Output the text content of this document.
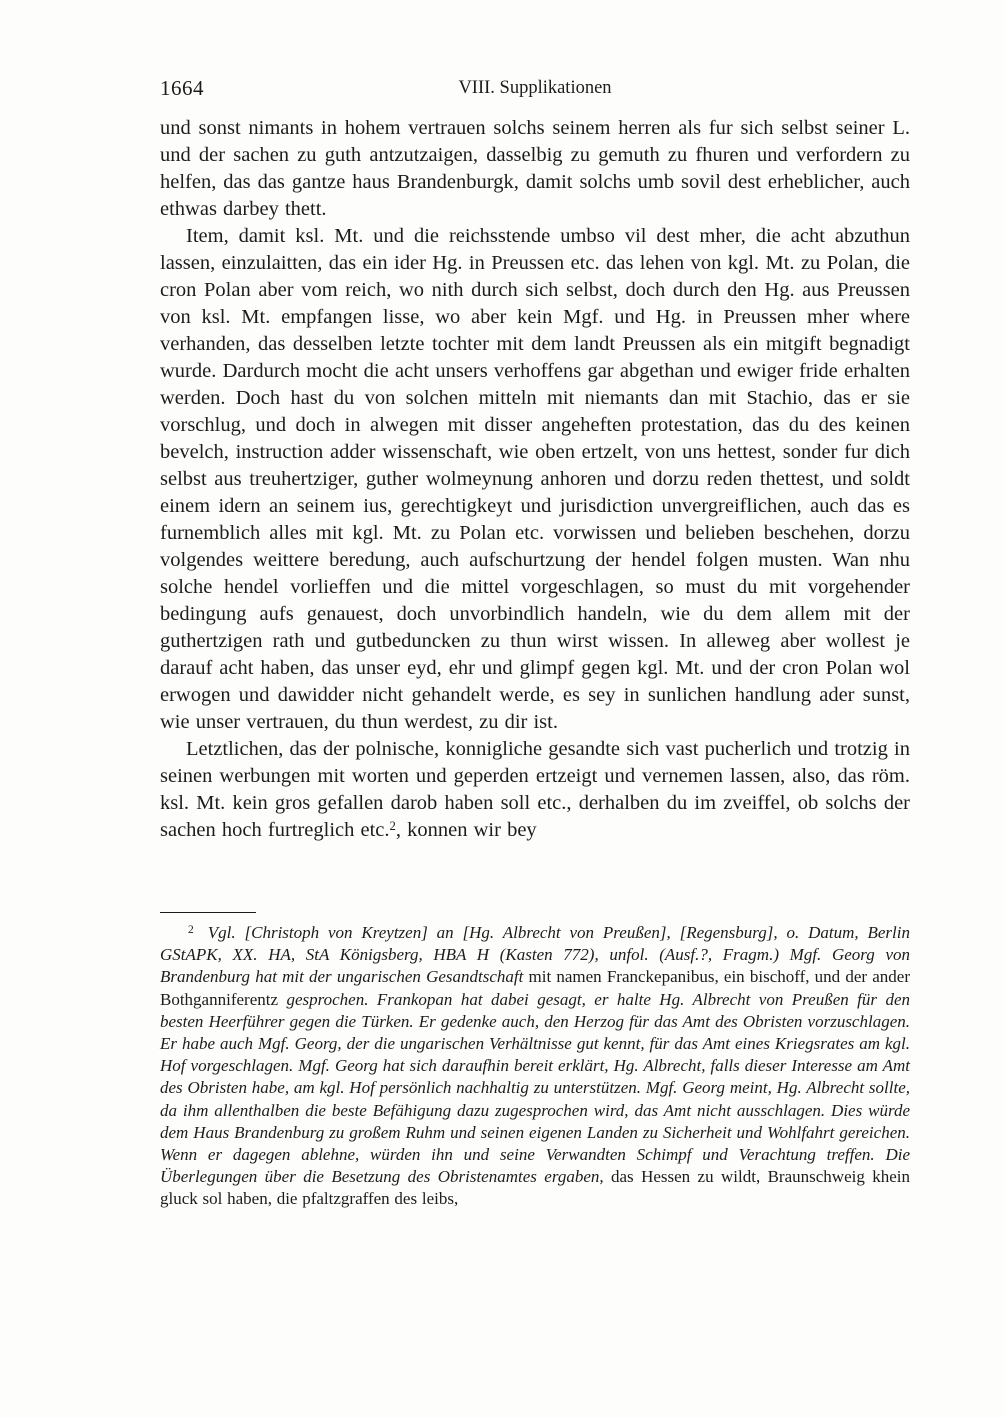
1664	VIII. Supplikationen

und sonst nimants in hohem vertrauen solchs seinem herren als fur sich selbst seiner L. und der sachen zu guth antzutzaigen, dasselbig zu gemuth zu fhuren und verfordern zu helfen, das das gantze haus Brandenburgk, damit solchs umb sovil dest erheblicher, auch ethwas darbey thett.

Item, damit ksl. Mt. und die reichsstende umbso vil dest mher, die acht abzuthun lassen, einzulaitten, das ein ider Hg. in Preussen etc. das lehen von kgl. Mt. zu Polan, die cron Polan aber vom reich, wo nith durch sich selbst, doch durch den Hg. aus Preussen von ksl. Mt. empfangen lisse, wo aber kein Mgf. und Hg. in Preussen mher where verhanden, das desselben letzte tochter mit dem landt Preussen als ein mitgift begnadigt wurde. Dardurch mocht die acht unsers verhoffens gar abgethan und ewiger fride erhalten werden. Doch hast du von solchen mitteln mit niemants dan mit Stachio, das er sie vorschlug, und doch in alwegen mit disser angeheften protestation, das du des keinen bevelch, instruction adder wissenschaft, wie oben ertzelt, von uns hettest, sonder fur dich selbst aus treuhertziger, guther wolmeynung anhoren und dorzu reden thettest, und soldt einem idern an seinem ius, gerechtigkeyt und jurisdiction unvergreiflichen, auch das es furnemblich alles mit kgl. Mt. zu Polan etc. vorwissen und belieben beschehen, dorzu volgendes weittere beredung, auch aufschurtzung der hendel folgen musten. Wan nhu solche hendel vorlieffen und die mittel vorgeschlagen, so must du mit vorgehender bedingung aufs genauest, doch unvorbindlich handeln, wie du dem allem mit der guthertzigen rath und gutbeduncken zu thun wirst wissen. In alleweg aber wollest je darauf acht haben, das unser eyd, ehr und glimpf gegen kgl. Mt. und der cron Polan wol erwogen und dawidder nicht gehandelt werde, es sey in sunlichen handlung ader sunst, wie unser vertrauen, du thun werdest, zu dir ist.

Letztlichen, das der polnische, konnigliche gesandte sich vast pucherlich und trotzig in seinen werbungen mit worten und geperden ertzeigt und vernemen lassen, also, das röm. ksl. Mt. kein gros gefallen darob haben soll etc., derhalben du im zveiffel, ob solchs der sachen hoch furtreglich etc.$^2$, konnen wir bey

$^2$ Vgl. [Christoph von Kreytzen] an [Hg. Albrecht von Preußen], [Regensburg], o. Datum, Berlin GStAPK, XX. HA, StA Königsberg, HBA H (Kasten 772), unfol. (Ausf.?, Fragm.) Mgf. Georg von Brandenburg hat mit der ungarischen Gesandtschaft mit namen Franckepanibus, ein bischoff, und der ander Bothganniferentz gesprochen. Frankopan hat dabei gesagt, er halte Hg. Albrecht von Preußen für den besten Heerführer gegen die Türken. Er gedenke auch, den Herzog für das Amt des Obristen vorzuschlagen. Er habe auch Mgf. Georg, der die ungarischen Verhältnisse gut kennt, für das Amt eines Kriegsrates am kgl. Hof vorgeschlagen. Mgf. Georg hat sich daraufhin bereit erklärt, Hg. Albrecht, falls dieser Interesse am Amt des Obristen habe, am kgl. Hof persönlich nachhaltig zu unterstützen. Mgf. Georg meint, Hg. Albrecht sollte, da ihm allenthalben die beste Befähigung dazu zugesprochen wird, das Amt nicht ausschlagen. Dies würde dem Haus Brandenburg zu großem Ruhm und seinen eigenen Landen zu Sicherheit und Wohlfahrt gereichen. Wenn er dagegen ablehne, würden ihn und seine Verwandten Schimpf und Verachtung treffen. Die Überlegungen über die Besetzung des Obristenamtes ergaben, das Hessen zu wildt, Braunschweig khein gluck sol haben, die pfaltzgraffen des leibs,
